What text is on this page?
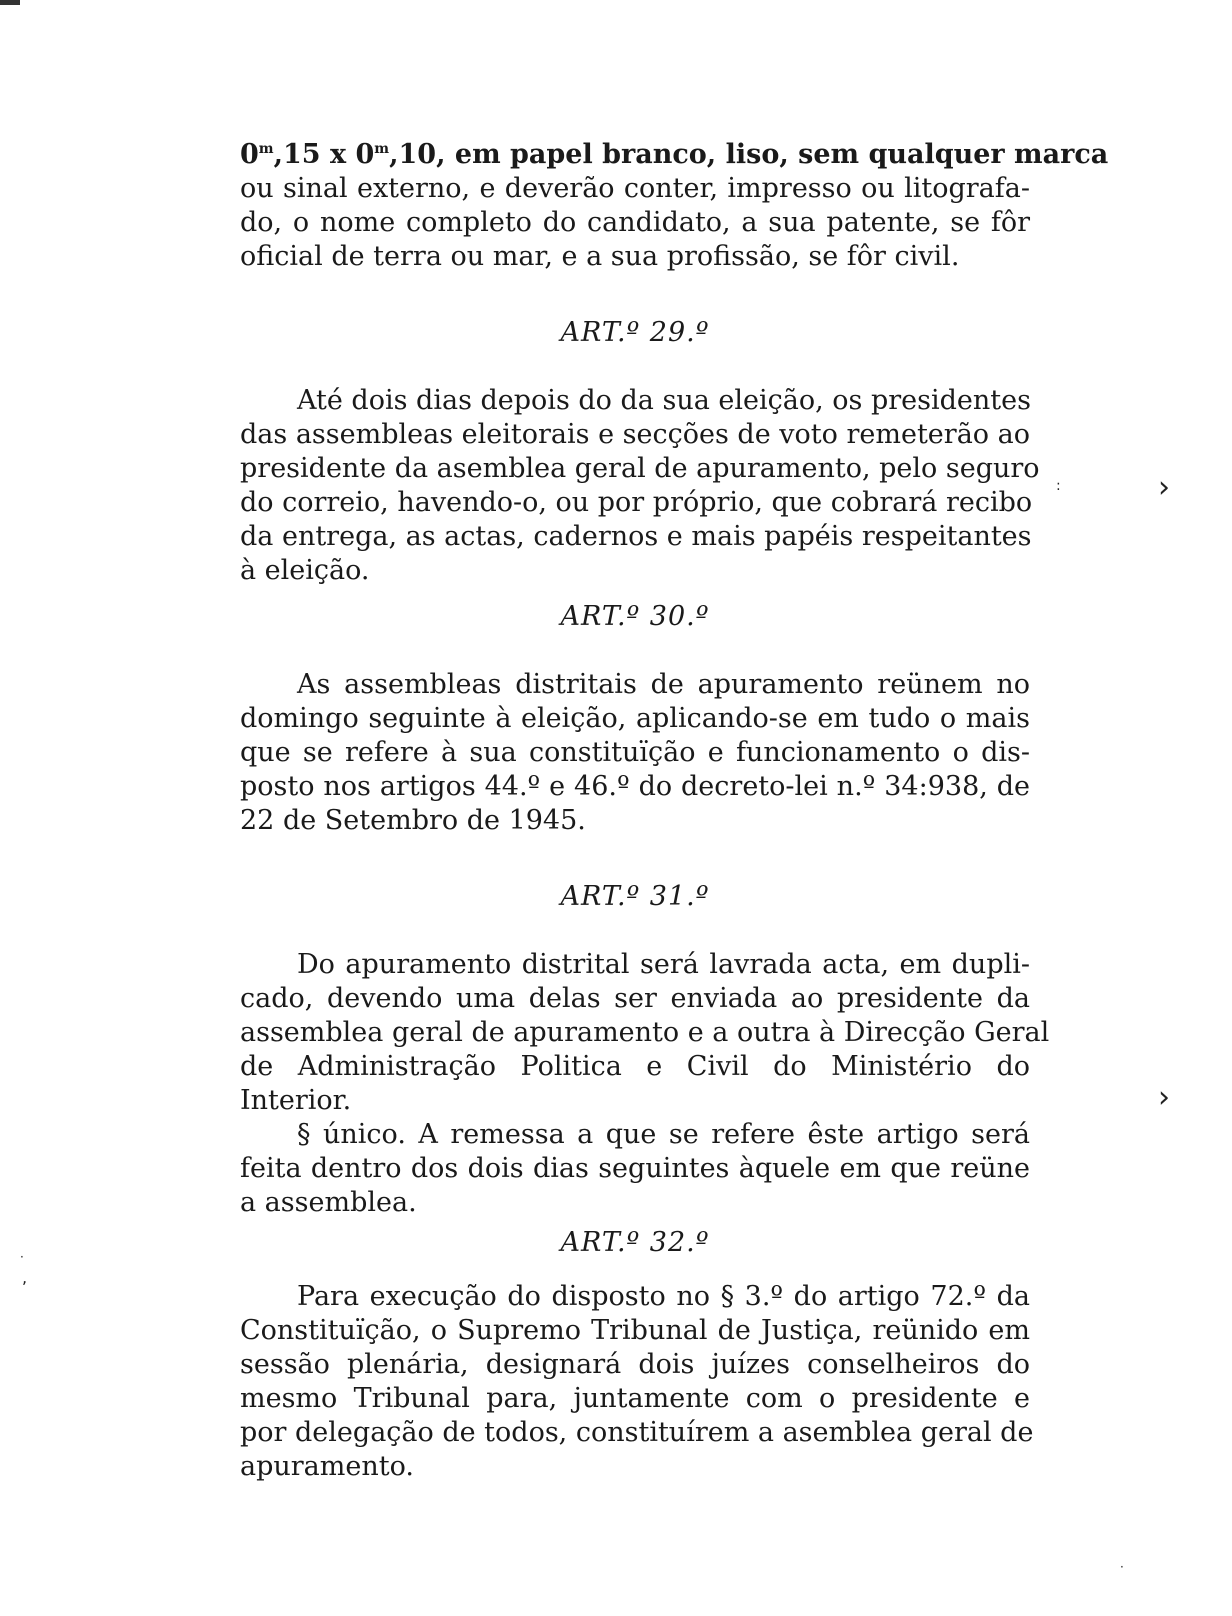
0$^m$,15 x 0$^m$,10, em papel branco, liso, sem qualquer marca
ou sinal externo, e deverão conter, impresso ou litografa-
do, o nome completo do candidato, a sua patente, se fôr
oficial de terra ou mar, e a sua profissão, se fôr civil.
ART.º 29.º
Até dois dias depois do da sua eleição, os presidentes
das assembleas eleitorais e secções de voto remeterão ao
presidente da asembleа geral de apuramento, pelo seguro
do correio, havendo-o, ou por próprio, que cobrará recibo
da entrega, as actas, cadernos e mais papéis respeitantes
à eleição.
ART.º 30.º
As assembleas distritais de apuramento reünem no
domingo seguinte à eleição, aplicando-se em tudo o mais
que se refere à sua constituïção e funcionamento o dis-
posto nos artigos 44.º e 46.º do decreto-lei n.º 34:938, de
22 de Setembro de 1945.
ART.º 31.º
Do apuramento distrital será lavrada acta, em dupli-
cado, devendo uma delas ser enviada ao presidente da
assemblea geral de apuramento e a outra à Direcção Geral
de Administração Politica e Civil do Ministério do
Interior.
§ único. A remessa a que se refere êste artigo será
feita dentro dos dois dias seguintes àquele em que reüne
a assemblea.
ART.º 32.º
Para execução do disposto no § 3.º do artigo 72.º da
Constituïção, o Supremo Tribunal de Justiça, reünido em
sessão plenária, designará dois juízes conselheiros do
mesmo Tribunal para, juntamente com o presidente e
por delegação de todos, constituírem a asemblea geral de
apuramento.
:	›
›
·
,
·
